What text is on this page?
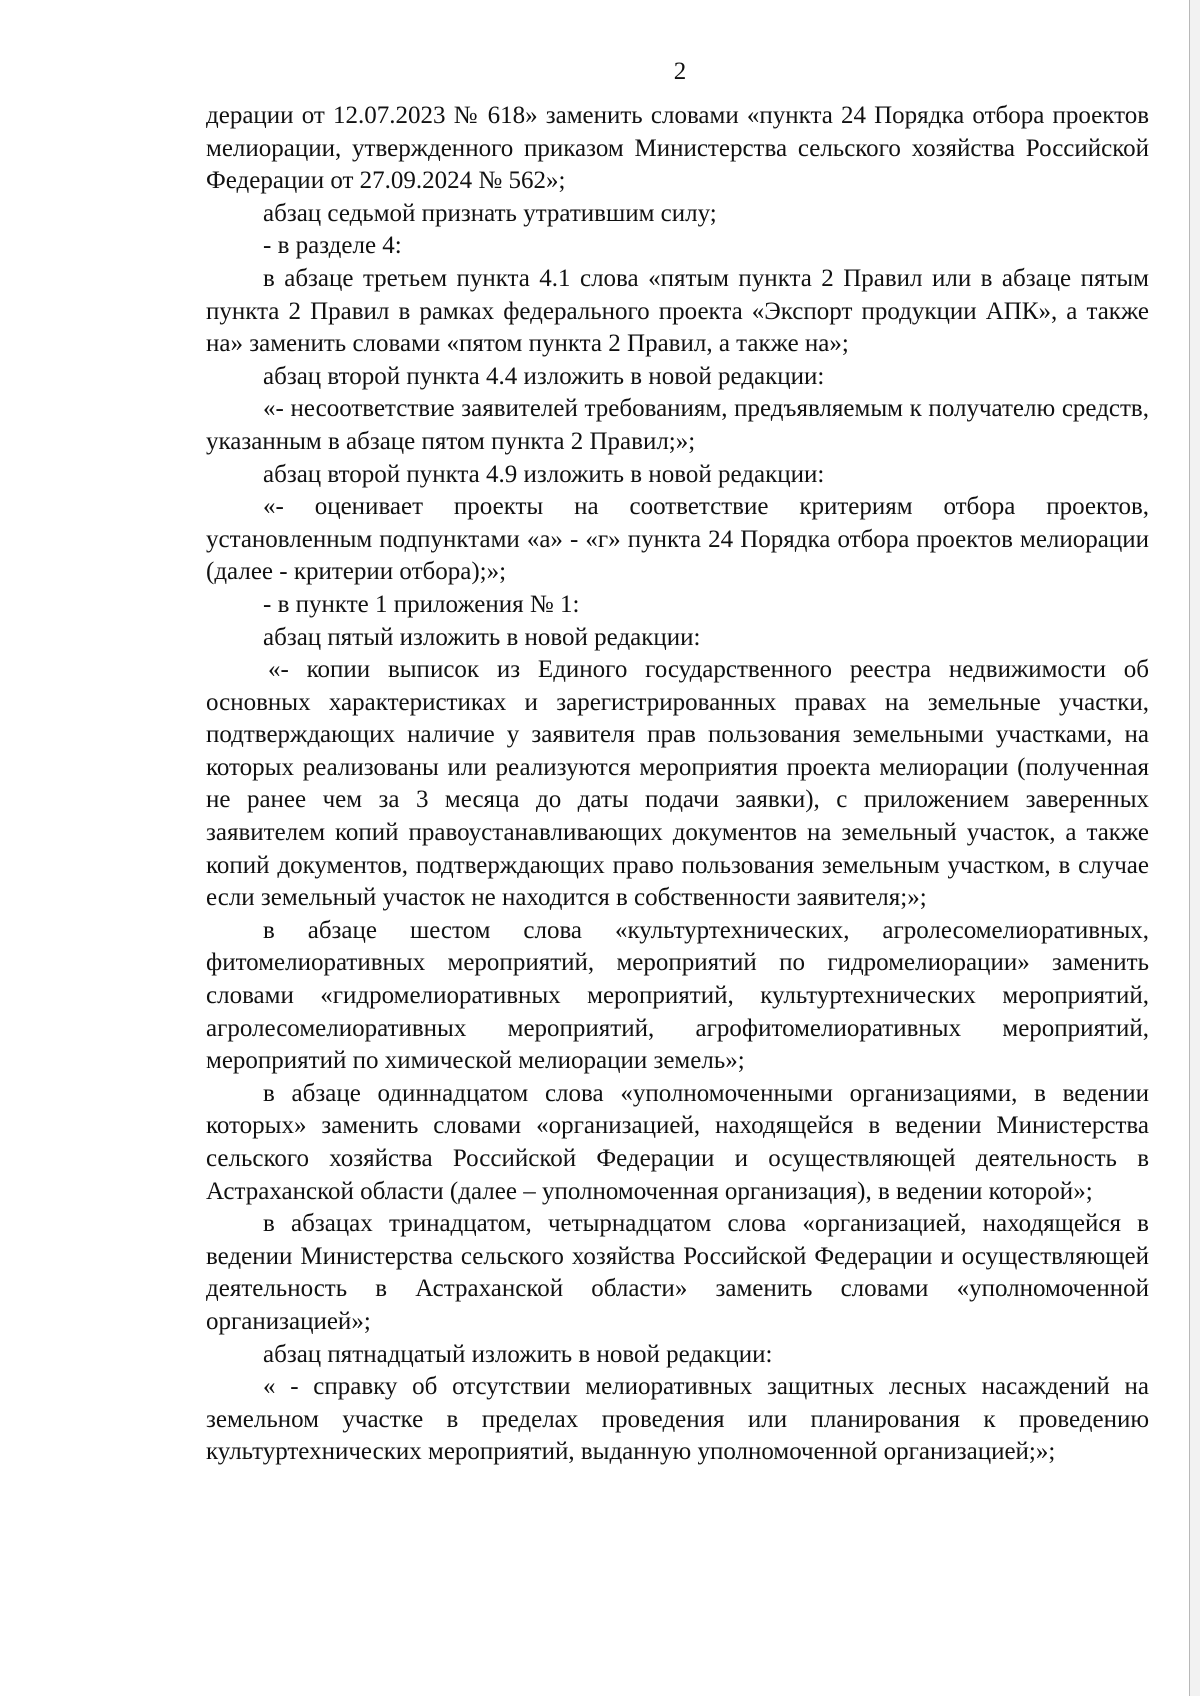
2

дерации от 12.07.2023 № 618» заменить словами «пункта 24 Порядка отбора проектов мелиорации, утвержденного приказом Министерства сельского хозяйства Российской Федерации от 27.09.2024 № 562»;

абзац седьмой признать утратившим силу;

- в разделе 4:

в абзаце третьем пункта 4.1 слова «пятым пункта 2 Правил или в абзаце пятым пункта 2 Правил в рамках федерального проекта «Экспорт продукции АПК», а также на» заменить словами «пятом пункта 2 Правил, а также на»;

абзац второй пункта 4.4 изложить в новой редакции:

«- несоответствие заявителей требованиям, предъявляемым к получателю средств, указанным в абзаце пятом пункта 2 Правил;»;

абзац второй пункта 4.9 изложить в новой редакции:

«- оценивает проекты на соответствие критериям отбора проектов, установленным подпунктами «а» - «г» пункта 24 Порядка отбора проектов мелиорации (далее - критерии отбора);»;

- в пункте 1 приложения № 1:

абзац пятый изложить в новой редакции:

«- копии выписок из Единого государственного реестра недвижимости об основных характеристиках и зарегистрированных правах на земельные участки, подтверждающих наличие у заявителя прав пользования земельными участками, на которых реализованы или реализуются мероприятия проекта мелиорации (полученная не ранее чем за 3 месяца до даты подачи заявки), с приложением заверенных заявителем копий правоустанавливающих документов на земельный участок, а также копий документов, подтверждающих право пользования земельным участком, в случае если земельный участок не находится в собственности заявителя;»;

в абзаце шестом слова «культуртехнических, агролесомелиоративных, фитомелиоративных мероприятий, мероприятий по гидромелиорации» заменить словами «гидромелиоративных мероприятий, культуртехнических мероприятий, агролесомелиоративных мероприятий, агрофитомелиоративных мероприятий, мероприятий по химической мелиорации земель»;

в абзаце одиннадцатом слова «уполномоченными организациями, в ведении которых» заменить словами «организацией, находящейся в ведении Министерства сельского хозяйства Российской Федерации и осуществляющей деятельность в Астраханской области (далее – уполномоченная организация), в ведении которой»;

в абзацах тринадцатом, четырнадцатом слова «организацией, находящейся в ведении Министерства сельского хозяйства Российской Федерации и осуществляющей деятельность в Астраханской области» заменить словами «уполномоченной организацией»;

абзац пятнадцатый изложить в новой редакции:

« - справку об отсутствии мелиоративных защитных лесных насаждений на земельном участке в пределах проведения или планирования к проведению культуртехнических мероприятий, выданную уполномоченной организацией;»;
